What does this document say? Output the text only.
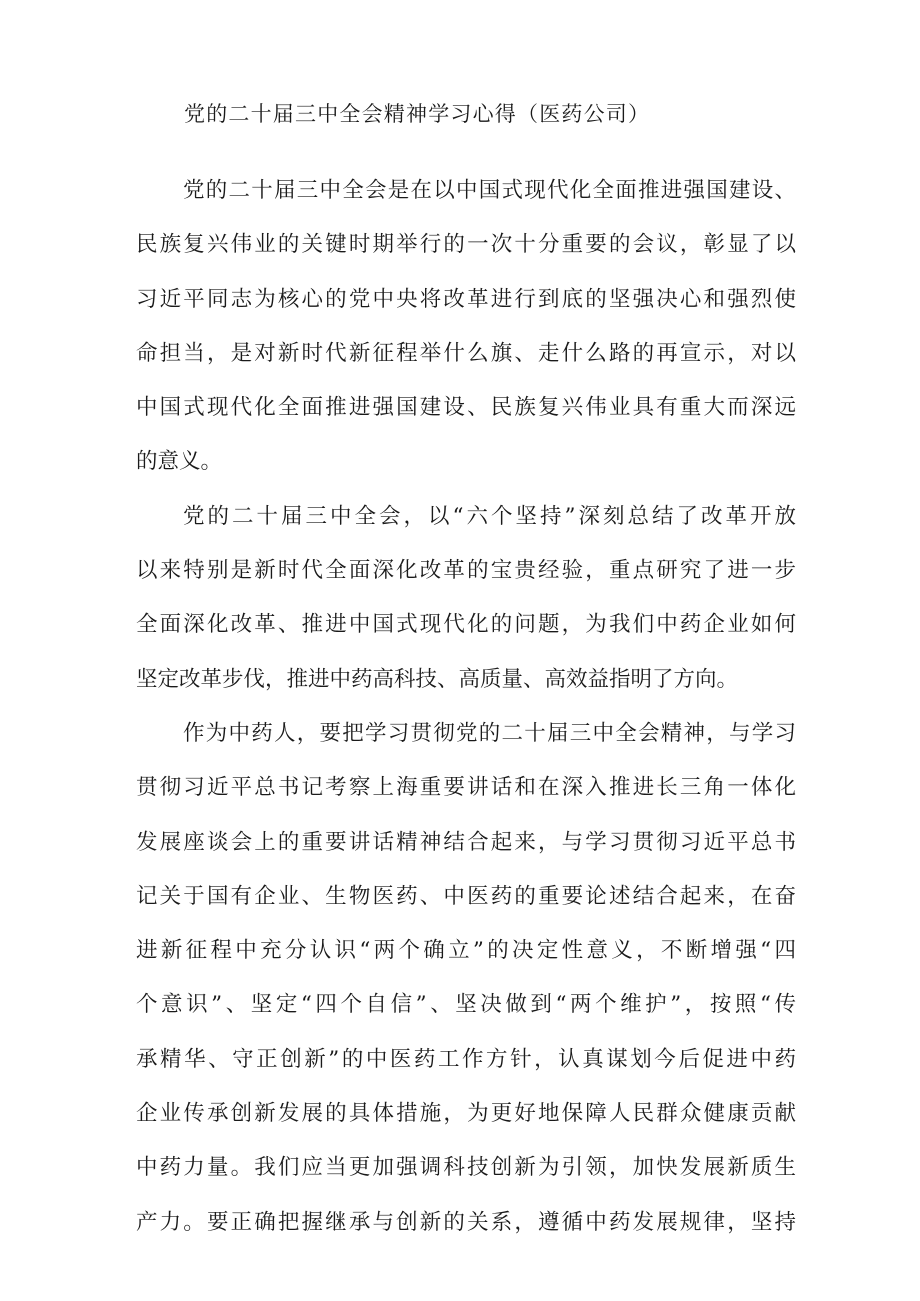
党的二十届三中全会精神学习心得（医药公司）
党的二十届三中全会是在以中国式现代化全面推进强国建设、
民族复兴伟业的关键时期举行的一次十分重要的会议，彰显了以
习近平同志为核心的党中央将改革进行到底的坚强决心和强烈使
命担当，是对新时代新征程举什么旗、走什么路的再宣示，对以
中国式现代化全面推进强国建设、民族复兴伟业具有重大而深远
的意义。
党的二十届三中全会，以“六个坚持”深刻总结了改革开放
以来特别是新时代全面深化改革的宝贵经验，重点研究了进一步
全面深化改革、推进中国式现代化的问题，为我们中药企业如何
坚定改革步伐，推进中药高科技、高质量、高效益指明了方向。
作为中药人，要把学习贯彻党的二十届三中全会精神，与学习
贯彻习近平总书记考察上海重要讲话和在深入推进长三角一体化
发展座谈会上的重要讲话精神结合起来，与学习贯彻习近平总书
记关于国有企业、生物医药、中医药的重要论述结合起来，在奋
进新征程中充分认识“两个确立”的决定性意义，不断增强“四
个意识”、坚定“四个自信”、坚决做到“两个维护”，按照“传
承精华、守正创新”的中医药工作方针，认真谋划今后促进中药
企业传承创新发展的具体措施，为更好地保障人民群众健康贡献
中药力量。我们应当更加强调科技创新为引领，加快发展新质生
产力。要正确把握继承与创新的关系，遵循中药发展规律，坚持
